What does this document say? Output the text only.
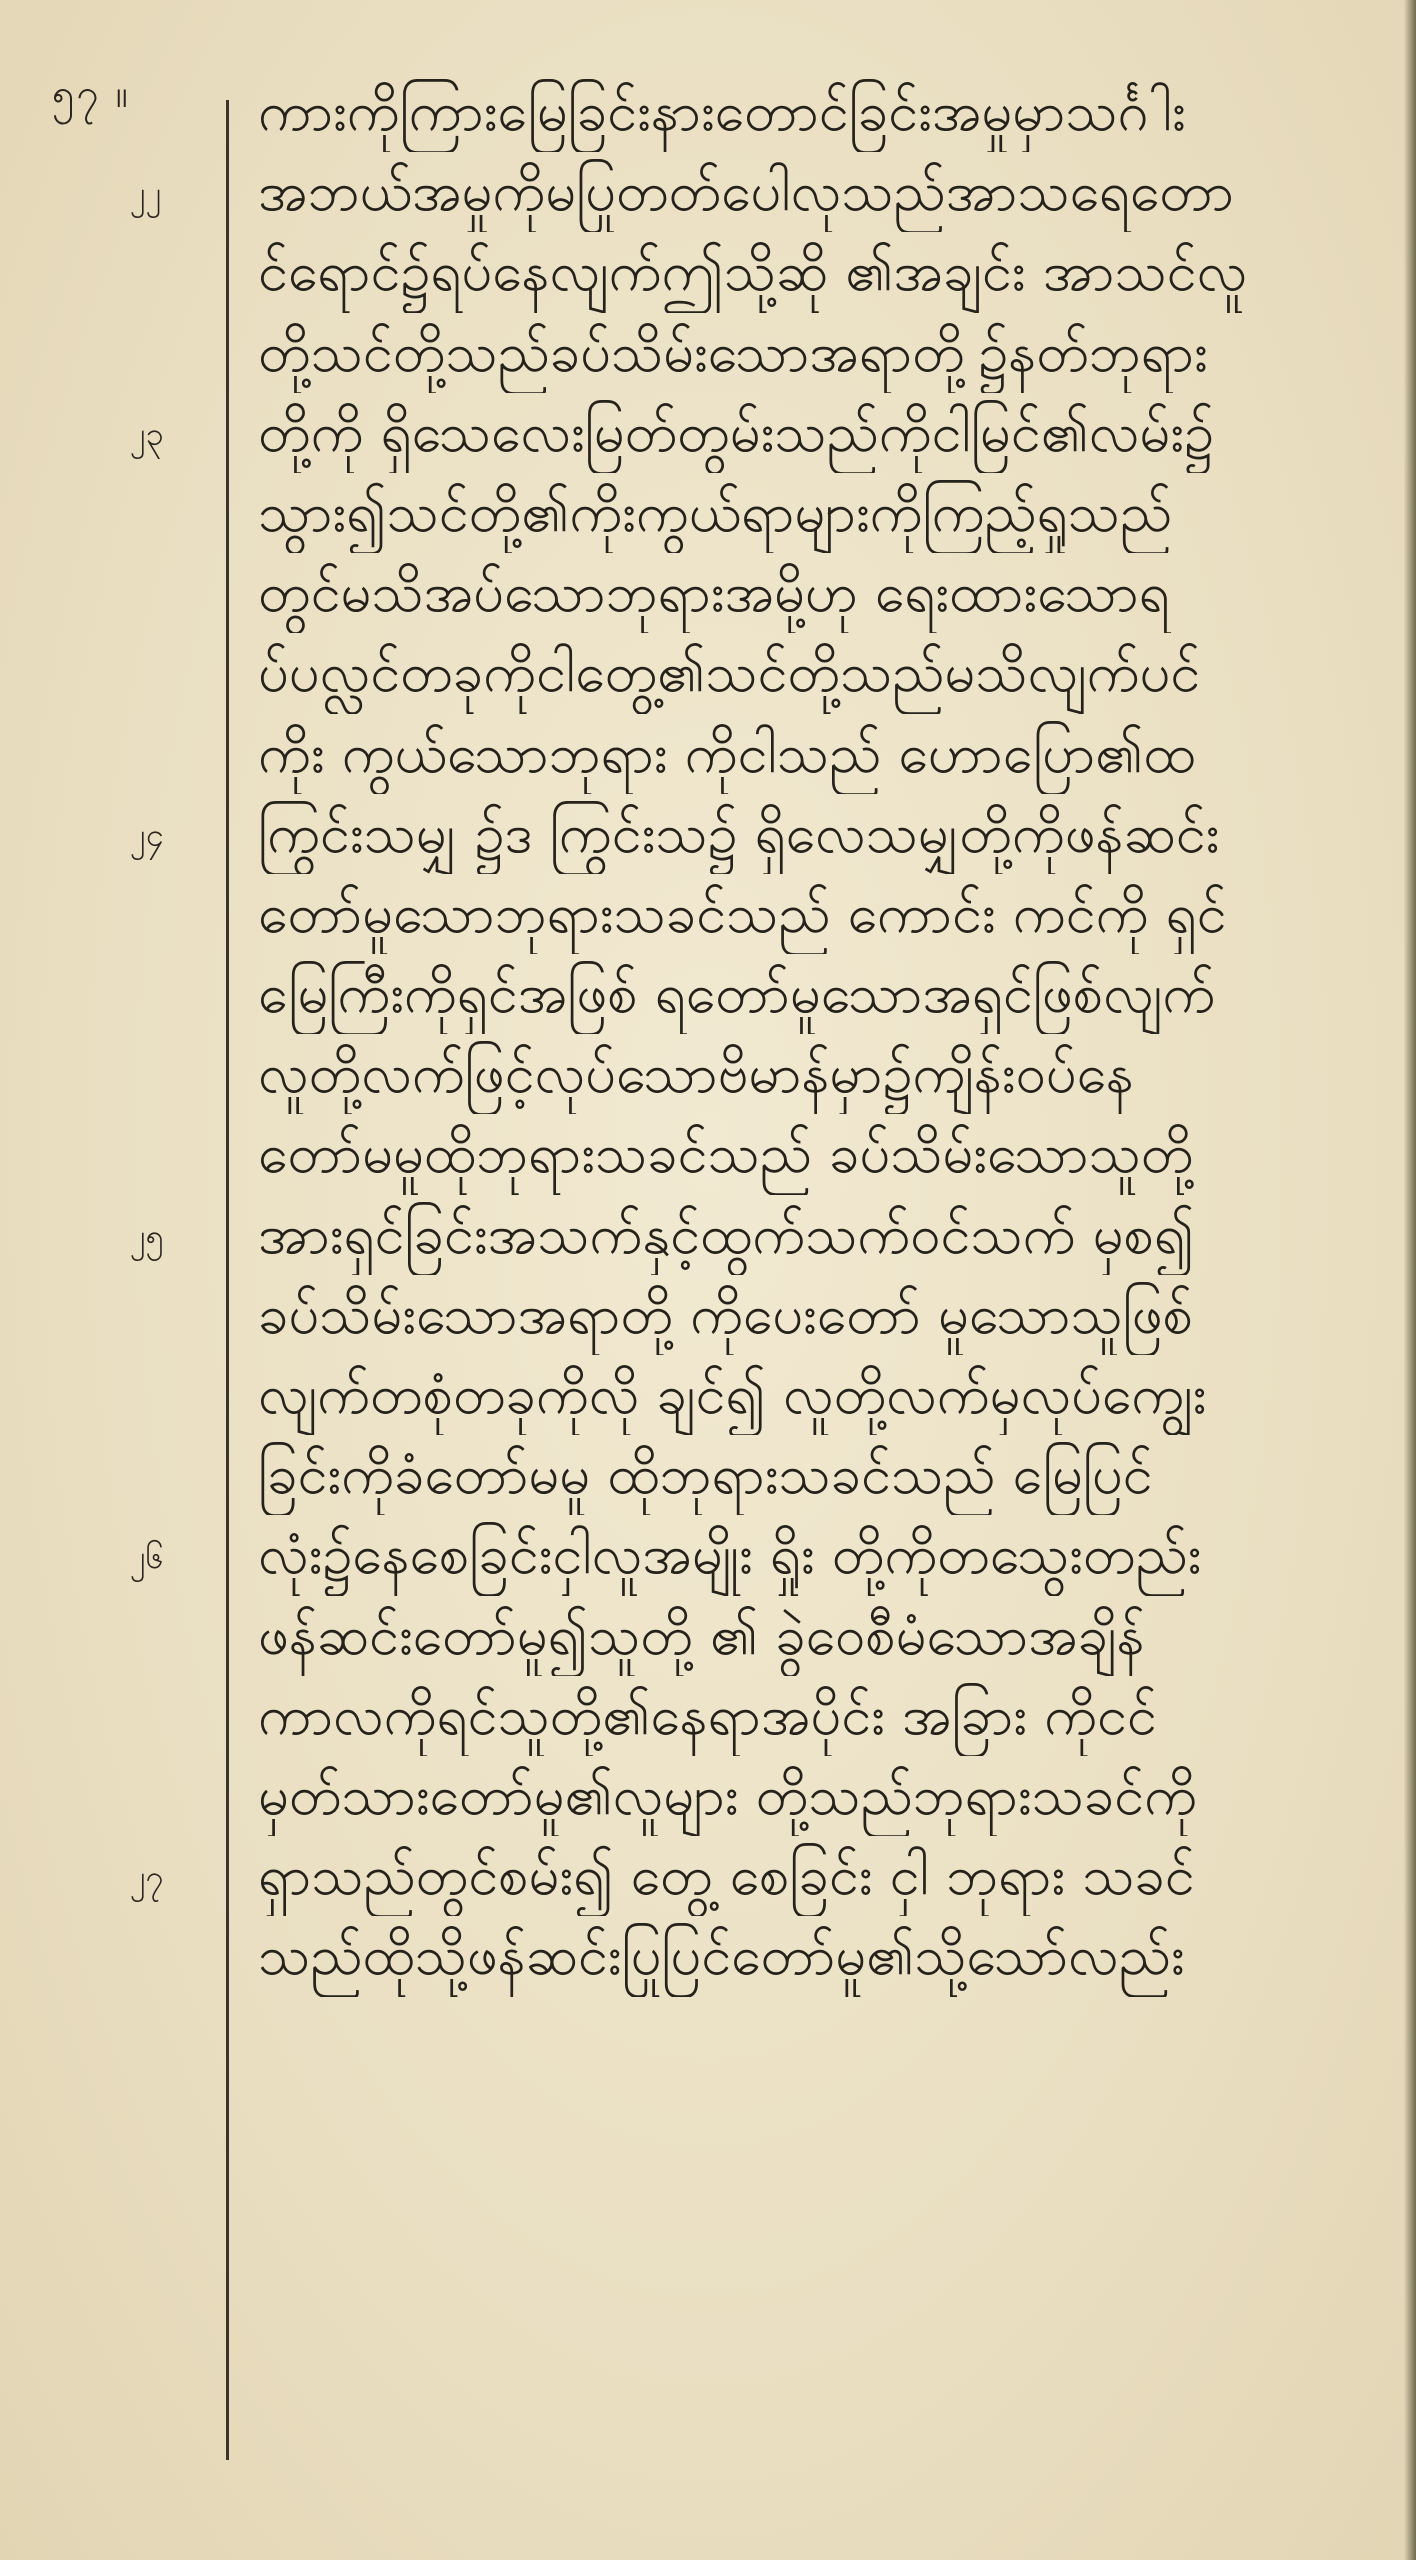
၅၇ ။
၂၂
၂၃
၂၄
၂၅
၂၆
၂၇
ကားကိုကြားမြေခြင်းနားတောင်ခြင်းအမှုမှာသင်္ဂါး
အဘယ်အမှုကိုမပြုတတ်ပေါလုသည်အာသရေတော
င်ရောင်၌ရပ်နေလျက်ဤသို့ဆို ၏အချင်း အာသင်လူ
တို့သင်တို့သည်ခပ်သိမ်းသောအရာတို့၌နတ်ဘုရား
တို့ကို ရှိသေလေးမြတ်တွမ်းသည်ကိုငါမြင်၏လမ်း၌
သွား၍သင်တို့၏ကိုးကွယ်ရာများကိုကြည့်ရှုသည်
တွင်မသိအပ်သောဘုရားအမို့ဟု ရေးထားသောရ
ပ်ပလ္လင်တခုကိုငါတွေ့၏သင်တို့သည်မသိလျက်ပင်
ကိုး ကွယ်သောဘုရား ကိုငါသည် ဟောပြော၏ထ
ကြွင်းသမျှ ၌ဒ ကြွင်းသ၌ ရှိလေသမျှတို့ကိုဖန်ဆင်း
တော်မူသောဘုရားသခင်သည် ကောင်း ကင်ကို ရှင်
မြေကြီးကိုရှင်အဖြစ် ရတော်မူသောအရှင်ဖြစ်လျက်
လူတို့လက်ဖြင့်လုပ်သောဗိမာန်မှာ၌ကျိန်းဝပ်နေ
တော်မမူထိုဘုရားသခင်သည် ခပ်သိမ်းသောသူတို့
အားရှင်ခြင်းအသက်နှင့်ထွက်သက်ဝင်သက် မှစ၍
ခပ်သိမ်းသောအရာတို့ ကိုပေးတော် မူသောသူဖြစ်
လျက်တစုံတခုကိုလို ချင်၍ လူတို့လက်မှလုပ်ကျွေး
ခြင်းကိုခံတော်မမူ ထိုဘုရားသခင်သည် မြေပြင်
လုံး၌နေစေခြင်းငှါလူအမျိုး ရှိုး တို့ကိုတသွေးတည်း
ဖန်ဆင်းတော်မူ၍သူတို့ ၏ ခွဲဝေစီမံသောအချိန်
ကာလကိုရင်သူတို့၏နေရာအပိုင်း အခြား ကိုငင်
မှတ်သားတော်မူ၏လူများ တို့သည်ဘုရားသခင်ကို
ရှာသည်တွင်စမ်း၍ တွေ့ စေခြင်း ငှါ ဘုရား သခင်
သည်ထိုသို့ဖန်ဆင်းပြုပြင်တော်မူ၏သို့သော်လည်း
